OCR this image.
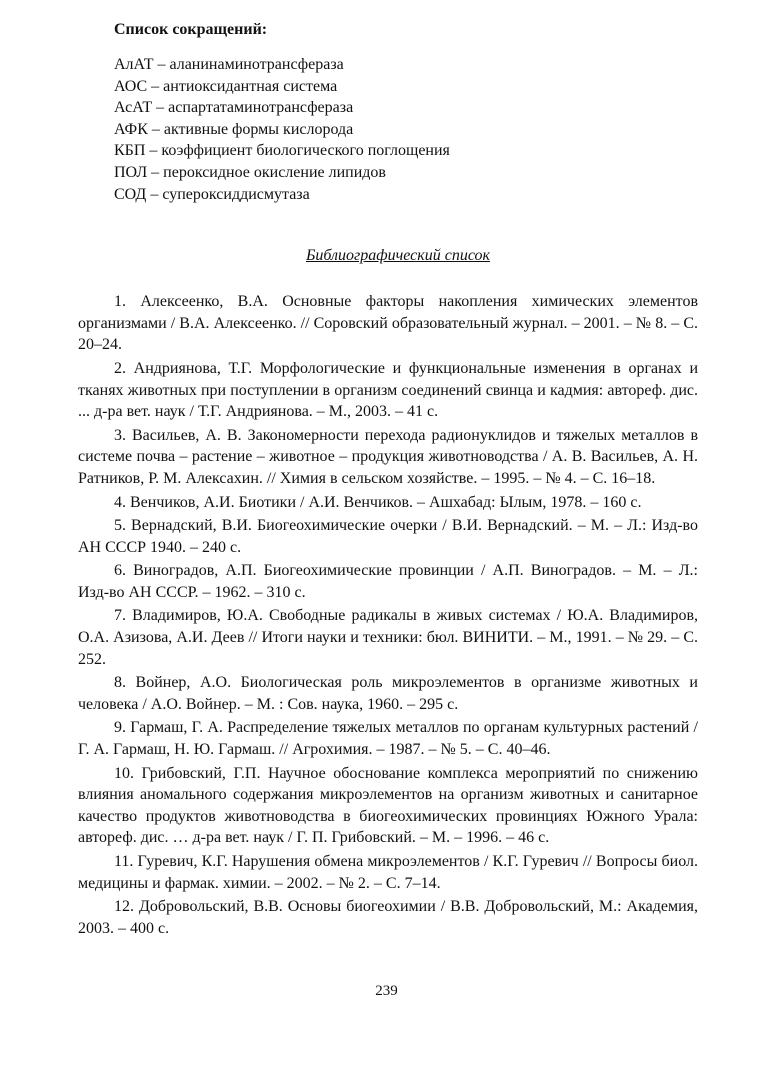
Список сокращений:
АлАТ – аланинаминотрансфераза
АОС – антиоксидантная система
АсАТ – аспартатаминотрансфераза
АФК – активные формы кислорода
КБП – коэффициент биологического поглощения
ПОЛ – пероксидное окисление липидов
СОД – супероксиддисмутаза
Библиографический список

1. Алексеенко, В.А. Основные факторы накопления химических элементов организмами / В.А. Алексеенко. // Соровский образовательный журнал. – 2001. – № 8. – С. 20–24.

2. Андриянова, Т.Г. Морфологические и функциональные изменения в органах и тканях животных при поступлении в организм соединений свинца и кадмия: автореф. дис. ... д-ра вет. наук / Т.Г. Андриянова. – М., 2003. – 41 с.

3. Васильев, А. В. Закономерности перехода радионуклидов и тяжелых металлов в системе почва – растение – животное – продукция животноводства / А. В. Васильев, А. Н. Ратников, Р. М. Алексахин. // Химия в сельском хозяйстве. – 1995. – № 4. – С. 16–18.

4. Венчиков, А.И. Биотики / А.И. Венчиков. – Ашхабад: Ылым, 1978. – 160 с.

5. Вернадский, В.И. Биогеохимические очерки / В.И. Вернадский. – М. – Л.: Изд-во АН СССР 1940. – 240 с.

6. Виноградов, А.П. Биогеохимические провинции / А.П. Виноградов. – М. – Л.: Изд-во АН СССР. – 1962. – 310 с.

7. Владимиров, Ю.А. Свободные радикалы в живых системах / Ю.А. Владимиров, О.А. Азизова, А.И. Деев // Итоги науки и техники: бюл. ВИНИТИ. – М., 1991. – № 29. – С. 252.

8. Войнер, А.О. Биологическая роль микроэлементов в организме животных и человека / А.О. Войнер. – М. : Сов. наука, 1960. – 295 с.

9. Гармаш, Г. А. Распределение тяжелых металлов по органам культурных растений / Г. А. Гармаш, Н. Ю. Гармаш. // Агрохимия. – 1987. – № 5. – С. 40–46.

10. Грибовский, Г.П. Научное обоснование комплекса мероприятий по снижению влияния аномального содержания микроэлементов на организм животных и санитарное качество продуктов животноводства в биогеохимических провинциях Южного Урала: автореф. дис. … д-ра вет. наук / Г. П. Грибовский. – М. – 1996. – 46 с.

11. Гуревич, К.Г. Нарушения обмена микроэлементов / К.Г. Гуревич // Вопросы биол. медицины и фармак. химии. – 2002. – № 2. – С. 7–14.

12. Добровольский, В.В. Основы биогеохимии / В.В. Добровольский, М.: Академия, 2003. – 400 с.

239
